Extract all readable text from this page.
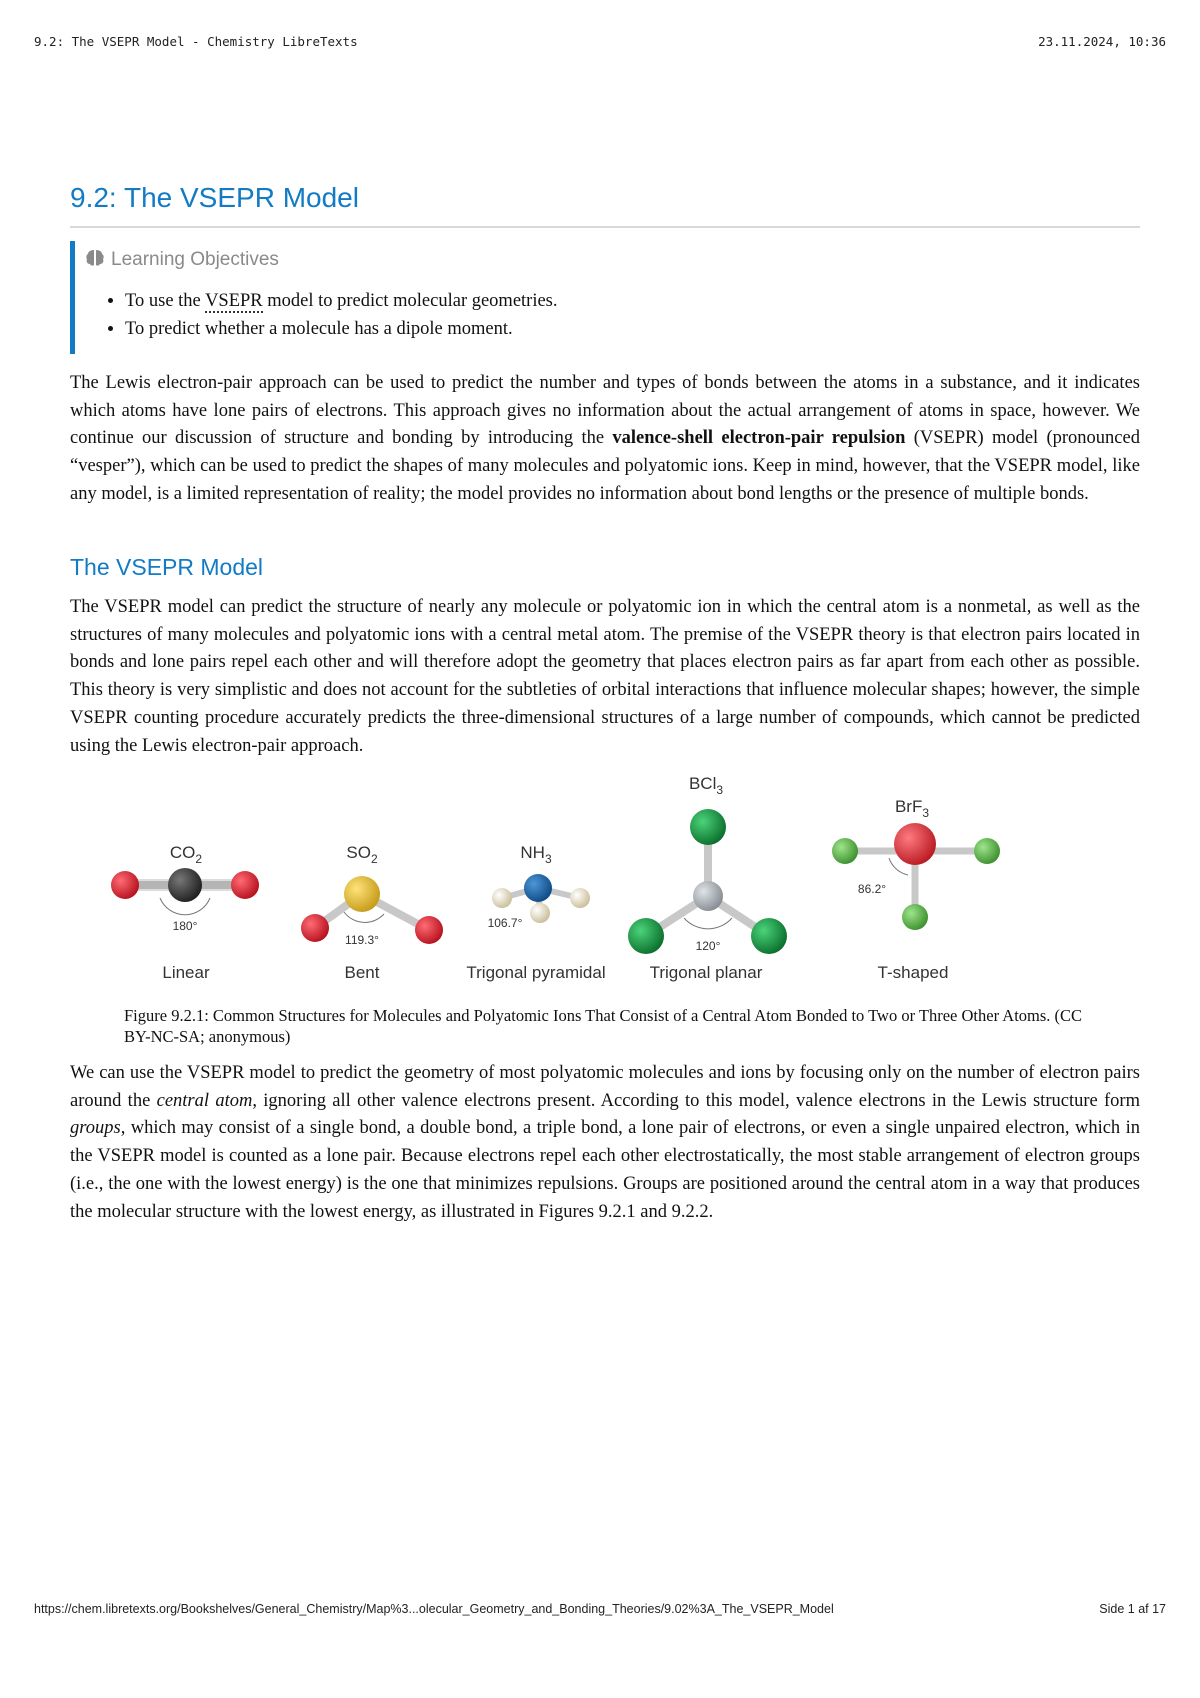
9.2: The VSEPR Model - Chemistry LibreTexts	23.11.2024, 10:36
9.2: The VSEPR Model
Learning Objectives
• To use the VSEPR model to predict molecular geometries.
• To predict whether a molecule has a dipole moment.

The Lewis electron-pair approach can be used to predict the number and types of bonds between the atoms in a substance, and it indicates which atoms have lone pairs of electrons. This approach gives no information about the actual arrangement of atoms in space, however. We continue our discussion of structure and bonding by introducing the valence-shell electron-pair repulsion (VSEPR) model (pronounced “vesper”), which can be used to predict the shapes of many molecules and polyatomic ions. Keep in mind, however, that the VSEPR model, like any model, is a limited representation of reality; the model provides no information about bond lengths or the presence of multiple bonds.

The VSEPR Model

The VSEPR model can predict the structure of nearly any molecule or polyatomic ion in which the central atom is a nonmetal, as well as the structures of many molecules and polyatomic ions with a central metal atom. The premise of the VSEPR theory is that electron pairs located in bonds and lone pairs repel each other and will therefore adopt the geometry that places electron pairs as far apart from each other as possible. This theory is very simplistic and does not account for the subtleties of orbital interactions that influence molecular shapes; however, the simple VSEPR counting procedure accurately predicts the three-dimensional structures of a large number of compounds, which cannot be predicted using the Lewis electron-pair approach.

$CO_2$
180°
Linear
$SO_2$
119.3°
Bent
$NH_3$
106.7°
Trigonal pyramidal
BCl$_3$
120°
Trigonal planar
BrF$_3$
86.2°
T-shaped

Figure 9.2.1: Common Structures for Molecules and Polyatomic Ions That Consist of a Central Atom Bonded to Two or Three Other Atoms. (CC BY-NC-SA; anonymous)

We can use the VSEPR model to predict the geometry of most polyatomic molecules and ions by focusing only on the number of electron pairs around the central atom, ignoring all other valence electrons present. According to this model, valence electrons in the Lewis structure form groups, which may consist of a single bond, a double bond, a triple bond, a lone pair of electrons, or even a single unpaired electron, which in the VSEPR model is counted as a lone pair. Because electrons repel each other electrostatically, the most stable arrangement of electron groups (i.e., the one with the lowest energy) is the one that minimizes repulsions. Groups are positioned around the central atom in a way that produces the molecular structure with the lowest energy, as illustrated in Figures 9.2.1 and 9.2.2.

https://chem.libretexts.org/Bookshelves/General_Chemistry/Map%3...olecular_Geometry_and_Bonding_Theories/9.02%3A_The_VSEPR_Model	Side 1 af 17
